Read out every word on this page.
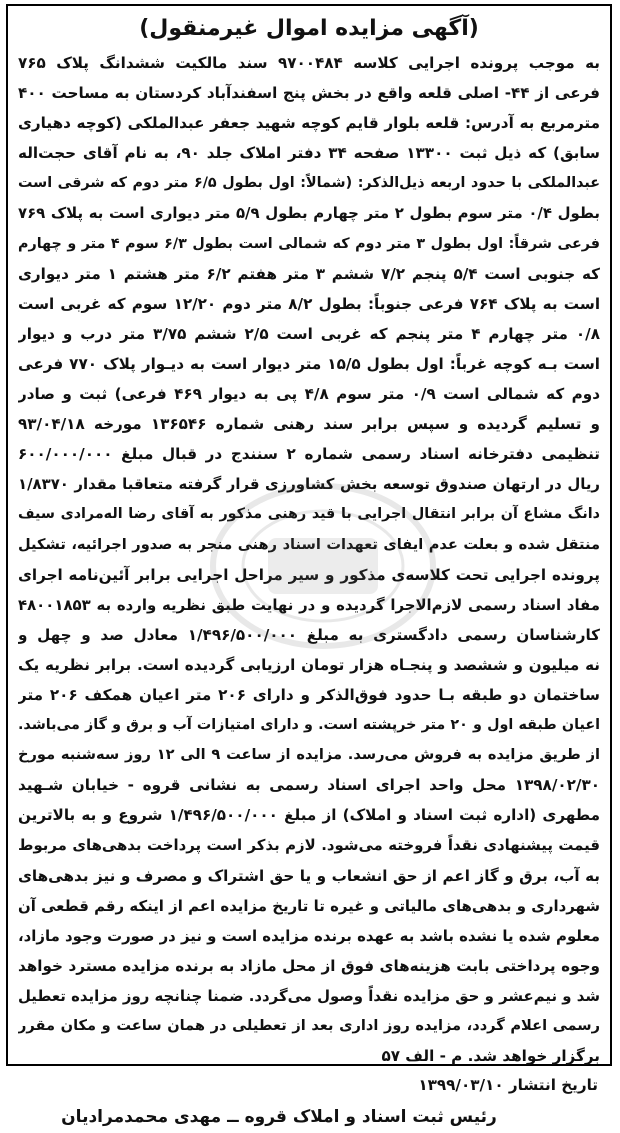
(آگهی مزایده اموال غیرمنقول)
به موجب پرونده اجرایی کلاسه ۹۷۰۰۴۸۴ سند مالکیت ششدانگ پلاک ۷۶۵
فرعی از ۴۴- اصلی قلعه واقع در بخش پنج اسفندآباد کردستان به مساحت ۴۰۰
مترمربع به آدرس: قلعه بلوار قایم کوچه شهید جعفر عبدالملکی (کوچه دهیاری
سابق) که ذیل ثبت ۱۳۳۰۰ صفحه ۳۴ دفتر املاک جلد ۹۰، به نام آقای حجت‌اله
عبدالملکی با حدود اربعه ذیل‌الذکر: (شمالاً: اول بطول ۶/۵ متر دوم که شرقی است
بطول ۰/۴ متر سوم بطول ۲ متر چهارم بطول ۵/۹ متر دیواری است به پلاک ۷۶۹
فرعی شرقاً: اول بطول ۳ متر دوم که شمالی است بطول ۶/۳ سوم ۴ متر و چهارم
که جنوبی است ۵/۴ پنجم ۷/۲ ششم ۳ متر هفتم ۶/۲ متر هشتم ۱ متر دیواری
است به پلاک ۷۶۴ فرعی جنوباً: بطول ۸/۲ متر دوم ۱۲/۲۰ سوم که غربی است
۰/۸ متر چهارم ۴ متر پنجم که غربی است ۲/۵ ششم ۳/۷۵ متر درب و دیوار
است بـه کوچه غرباً: اول بطول ۱۵/۵ متر دیوار است به دیـوار پلاک ۷۷۰ فرعی
دوم که شمالی است ۰/۹ متر سوم ۴/۸ پی به دیوار ۴۶۹ فرعی) ثبت و صادر
و تسلیم گردیده و سپس برابر سند رهنی شماره ۱۳۶۵۴۶ مورخه ۹۳/۰۴/۱۸
تنظیمی دفترخانه اسناد رسمی شماره ۲ سنندج در قبال مبلغ ۶۰۰/۰۰۰/۰۰۰
ریال در ارتهان صندوق توسعه بخش کشاورزی قرار گرفته متعاقبا مقدار ۱/۸۳۷۰
دانگ مشاع آن برابر انتقال اجرایی با قید رهنی مذکور به آقای رضا اله‌مرادی سیف
منتقل شده و بعلت عدم ایفای تعهدات اسناد رهنی منجر به صدور اجرائیه، تشکیل
پرونده اجرایی تحت کلاسه‌ی مذکور و سیر مراحل اجرایی برابر آئین‌نامه اجرای
مفاد اسناد رسمی لازم‌الاجرا گردیده و در نهایت طبق نظریه وارده به ۴۸۰۰۱۸۵۳
کارشناسان رسمی دادگستری به مبلغ ۱/۴۹۶/۵۰۰/۰۰۰ معادل صد و چهل و
نه میلیون و ششصد و پنجـاه هزار تومان ارزیابی گردیده است. برابر نظریه یک
ساختمان دو طبقه بـا حدود فوق‌الذکر و دارای ۲۰۶ متر اعیان همکف ۲۰۶ متر
اعیان طبقه اول و ۲۰ متر خرپشته است. و دارای امتیازات آب و برق و گاز می‌باشد.
از طریق مزایده به فروش می‌رسد. مزایده از ساعت ۹ الی ۱۲ روز سه‌شنبه مورخ
۱۳۹۸/۰۲/۳۰ محل واحد اجرای اسناد رسمی به نشانی قروه - خیابان شـهید
مطهری (اداره ثبت اسناد و املاک) از مبلغ ۱/۴۹۶/۵۰۰/۰۰۰ شروع و به بالاترین
قیمت پیشنهادی نقداً فروخته می‌شود. لازم بذکر است پرداخت بدهی‌های مربوط
به آب، برق و گاز اعم از حق انشعاب و یا حق اشتراک و مصرف و نیز بدهی‌های
شهرداری و بدهی‌های مالیاتی و غیره تا تاریخ مزایده اعم از اینکه رقم قطعی آن
معلوم شده یا نشده باشد به عهده برنده مزایده است و نیز در صورت وجود مازاد،
وجوه پرداختی بابت هزینه‌های فوق از محل مازاد به برنده مزایده مسترد خواهد
شد و نیم‌عشر و حق مزایده نقداً وصول می‌گردد. ضمنا چنانچه روز مزایده تعطیل
رسمی اعلام گردد، مزایده روز اداری بعد از تعطیلی در همان ساعت و مکان مقرر
برگزار خواهد شد. م - الف ۵۷
تاریخ انتشار ۱۳۹۹/۰۳/۱۰
رئیس ثبت اسناد و املاک قروه ــ مهدی محمدمرادیان
